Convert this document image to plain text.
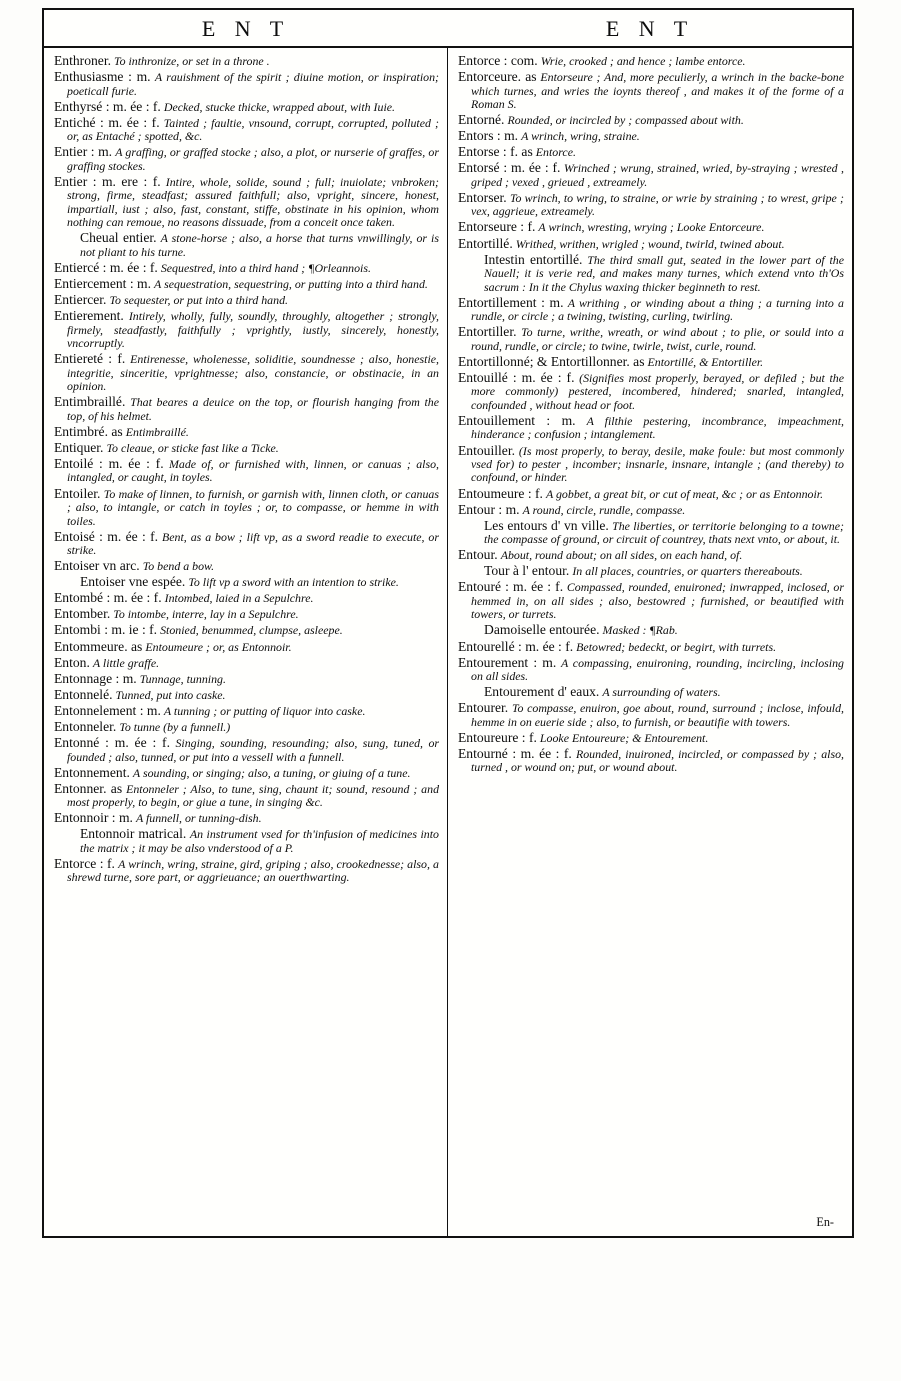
E N T	E N T

Enthroner. To inthronize, or set in a throne .

Enthusiasme : m. A rauishment of the spirit ; diuine motion, or inspiration; poeticall furie.

Enthyrsé : m. ée : f. Decked, stucke thicke, wrapped about, with Iuie.

Entiché : m. ée : f. Tainted ; faultie, vnsound, corrupt, corrupted, polluted ; or, as Entaché ; spotted, &c.

Entier : m. A graffing, or graffed stocke ; also, a plot, or nurserie of graffes, or graffing stockes.

Entier : m. ere : f. Intire, whole, solide, sound ; full; inuiolate; vnbroken; strong, firme, steadfast; assured faithfull; also, vpright, sincere, honest, impartiall, iust ; also, fast, constant, stiffe, obstinate in his opinion, whom nothing can remoue, no reasons dissuade, from a conceit once taken.

Cheual entier. A stone-horse ; also, a horse that turns vnwillingly, or is not pliant to his turne.

Entiercé : m. ée : f. Sequestred, into a third hand ; ¶Orleannois.

Entiercement : m. A sequestration, sequestring, or putting into a third hand.

Entiercer. To sequester, or put into a third hand.

Entierement. Intirely, wholly, fully, soundly, throughly, altogether ; strongly, firmely, steadfastly, faithfully ; vprightly, iustly, sincerely, honestly, vncorruptly.

Entiereté : f. Entirenesse, wholenesse, soliditie, soundnesse ; also, honestie, integritie, sinceritie, vprightnesse; also, constancie, or obstinacie, in an opinion.

Entimbraillé. That beares a deuice on the top, or flourish hanging from the top, of his helmet.

Entimbré. as Entimbraillé.

Entiquer. To cleaue, or sticke fast like a Ticke.

Entoilé : m. ée : f. Made of, or furnished with, linnen, or canuas ; also, intangled, or caught, in toyles.

Entoiler. To make of linnen, to furnish, or garnish with, linnen cloth, or canuas ; also, to intangle, or catch in toyles ; or, to compasse, or hemme in with toiles.

Entoisé : m. ée : f. Bent, as a bow ; lift vp, as a sword readie to execute, or strike.

Entoiser vn arc. To bend a bow.

Entoiser vne espée. To lift vp a sword with an intention to strike.

Entombé : m. ée : f. Intombed, laied in a Sepulchre.

Entomber. To intombe, interre, lay in a Sepulchre.

Entombi : m. ie : f. Stonied, benummed, clumpse, asleepe.

Entommeure. as Entoumeure ; or, as Entonnoir.

Enton. A little graffe.

Entonnage : m. Tunnage, tunning.

Entonnelé. Tunned, put into caske.

Entonnelement : m. A tunning ; or putting of liquor into caske.

Entonneler. To tunne (by a funnell.)

Entonné : m. ée : f. Singing, sounding, resounding; also, sung, tuned, or founded ; also, tunned, or put into a vessell with a funnell.

Entonnement. A sounding, or singing; also, a tuning, or giuing of a tune.

Entonner. as Entonneler ; Also, to tune, sing, chaunt it; sound, resound ; and most properly, to begin, or giue a tune, in singing &c.

Entonnoir : m. A funnell, or tunning-dish.

Entonnoir matrical. An instrument vsed for th'infusion of medicines into the matrix ; it may be also vnderstood of a P.

Entorce : f. A wrinch, wring, straine, gird, griping ; also, crookednesse; also, a shrewd turne, sore part, or aggrieuance; an ouerthwarting.

Entorce : com. Wrie, crooked ; and hence ; lambe entorce.

Entorceure. as Entorseure ; And, more peculierly, a wrinch in the backe-bone which turnes, and wries the ioynts thereof , and makes it of the forme of a Roman S.

Entorné. Rounded, or incircled by ; compassed about with.

Entors : m. A wrinch, wring, straine.

Entorse : f. as Entorce.

Entorsé : m. ée : f. Wrinched ; wrung, strained, wried, by-straying ; wrested , griped ; vexed , grieued , extreamely.

Entorser. To wrinch, to wring, to straine, or wrie by straining ; to wrest, gripe ; vex, aggrieue, extreamely.

Entorseure : f. A wrinch, wresting, wrying ; Looke Entorceure.

Entortillé. Writhed, writhen, wrigled ; wound, twirld, twined about.

Intestin entortillé. The third small gut, seated in the lower part of the Nauell; it is verie red, and makes many turnes, which extend vnto th'Os sacrum : In it the Chylus waxing thicker beginneth to rest.

Entortillement : m. A writhing , or winding about a thing ; a turning into a rundle, or circle ; a twining, twisting, curling, twirling.

Entortiller. To turne, writhe, wreath, or wind about ; to plie, or sould into a round, rundle, or circle; to twine, twirle, twist, curle, round.

Entortillonné; & Entortillonner. as Entortillé, & Entortiller.

Entouillé : m. ée : f. (Signifies most properly, berayed, or defiled ; but the more commonly) pestered, incombered, hindered; snarled, intangled, confounded , without head or foot.

Entouillement : m. A filthie pestering, incombrance, impeachment, hinderance ; confusion ; intanglement.

Entouiller. (Is most properly, to beray, desile, make foule: but most commonly vsed for) to pester , incomber; insnarle, insnare, intangle ; (and thereby) to confound, or hinder.

Entoumeure : f. A gobbet, a great bit, or cut of meat, &c ; or as Entonnoir.

Entour : m. A round, circle, rundle, compasse.

Les entours d' vn ville. The liberties, or territorie belonging to a towne; the compasse of ground, or circuit of countrey, thats next vnto, or about, it.

Entour. About, round about; on all sides, on each hand, of.

Tour à l' entour. In all places, countries, or quarters thereabouts.

Entouré : m. ée : f. Compassed, rounded, enuironed; inwrapped, inclosed, or hemmed in, on all sides ; also, bestowred ; furnished, or beautified with towers, or turrets.

Damoiselle entourée. Masked : ¶Rab.

Entourellé : m. ée : f. Betowred; bedeckt, or begirt, with turrets.

Entourement : m. A compassing, enuironing, rounding, incircling, inclosing on all sides.

Entourement d' eaux. A surrounding of waters.

Entourer. To compasse, enuiron, goe about, round, surround ; inclose, infould, hemme in on euerie side ; also, to furnish, or beautifie with towers.

Entoureure : f. Looke Entoureure; & Entourement.

Entourné : m. ée : f. Rounded, inuironed, incircled, or compassed by ; also, turned , or wound on; put, or wound about.

En-
